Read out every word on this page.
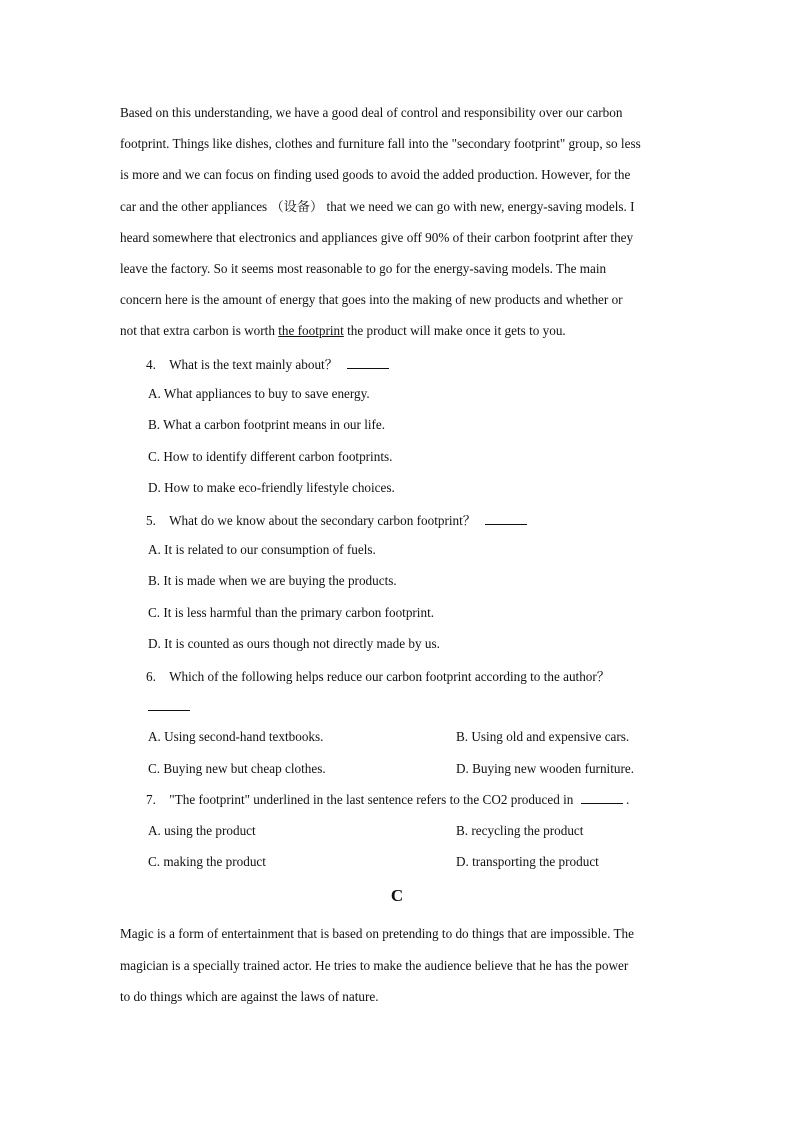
Based on this understanding, we have a good deal of control and responsibility over our carbon
footprint. Things like dishes, clothes and furniture fall into the "secondary footprint" group, so less
is more and we can focus on finding used goods to avoid the added production. However, for the
car and the other appliances （设备） that we need we can go with new, energy-saving models. I
heard somewhere that electronics and appliances give off 90% of their carbon footprint after they
leave the factory. So it seems most reasonable to go for the energy-saving models. The main
concern here is the amount of energy that goes into the making of new products and whether or
not that extra carbon is worth the footprint the product will make once it gets to you.
4. What is the text mainly about？
A. What appliances to buy to save energy.
B. What a carbon footprint means in our life.
C. How to identify different carbon footprints.
D. How to make eco-friendly lifestyle choices.
5. What do we know about the secondary carbon footprint？
A. It is related to our consumption of fuels.
B. It is made when we are buying the products.
C. It is less harmful than the primary carbon footprint.
D. It is counted as ours though not directly made by us.
6. Which of the following helps reduce our carbon footprint according to the author？
A. Using second-hand textbooks.	B. Using old and expensive cars.
C. Buying new but cheap clothes.	D. Buying new wooden furniture.
7. "The footprint" underlined in the last sentence refers to the CO2 produced in	.
A. using the product	B. recycling the product
C. making the product	D. transporting the product
C
Magic is a form of entertainment that is based on pretending to do things that are impossible. The
magician is a specially trained actor. He tries to make the audience believe that he has the power
to do things which are against the laws of nature.
